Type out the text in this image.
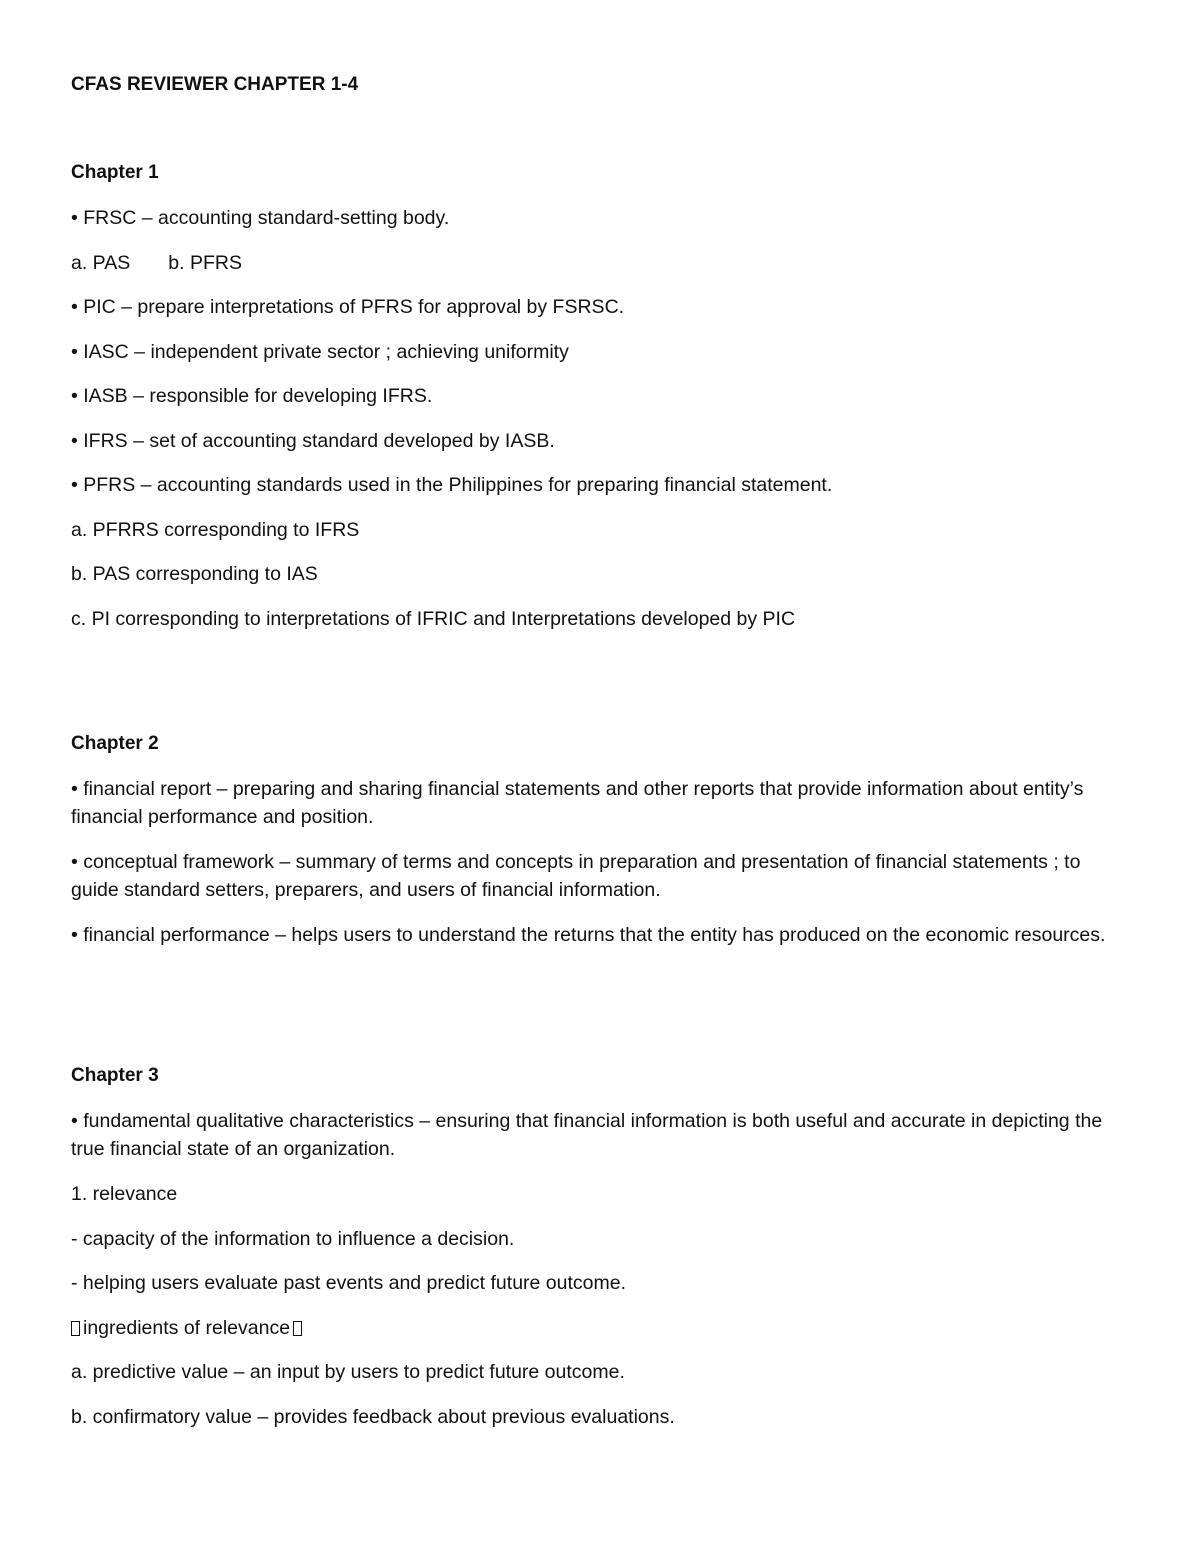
CFAS REVIEWER CHAPTER 1-4
Chapter 1

• FRSC – accounting standard-setting body.

a. PAS b. PFRS

• PIC – prepare interpretations of PFRS for approval by FSRSC.

• IASC – independent private sector ; achieving uniformity

• IASB – responsible for developing IFRS.

• IFRS – set of accounting standard developed by IASB.

• PFRS – accounting standards used in the Philippines for preparing financial statement.

a. PFRRS corresponding to IFRS

b. PAS corresponding to IAS

c. PI corresponding to interpretations of IFRIC and Interpretations developed by PIC

Chapter 2

• financial report – preparing and sharing financial statements and other reports that provide information about entity’s financial performance and position.

• conceptual framework – summary of terms and concepts in preparation and presentation of financial statements ; to guide standard setters, preparers, and users of financial information.

• financial performance – helps users to understand the returns that the entity has produced on the economic resources.

Chapter 3

• fundamental qualitative characteristics – ensuring that financial information is both useful and accurate in depicting the true financial state of an organization.

1. relevance

- capacity of the information to influence a decision.

- helping users evaluate past events and predict future outcome.

ingredients of relevance

a. predictive value – an input by users to predict future outcome.

b. confirmatory value – provides feedback about previous evaluations.
